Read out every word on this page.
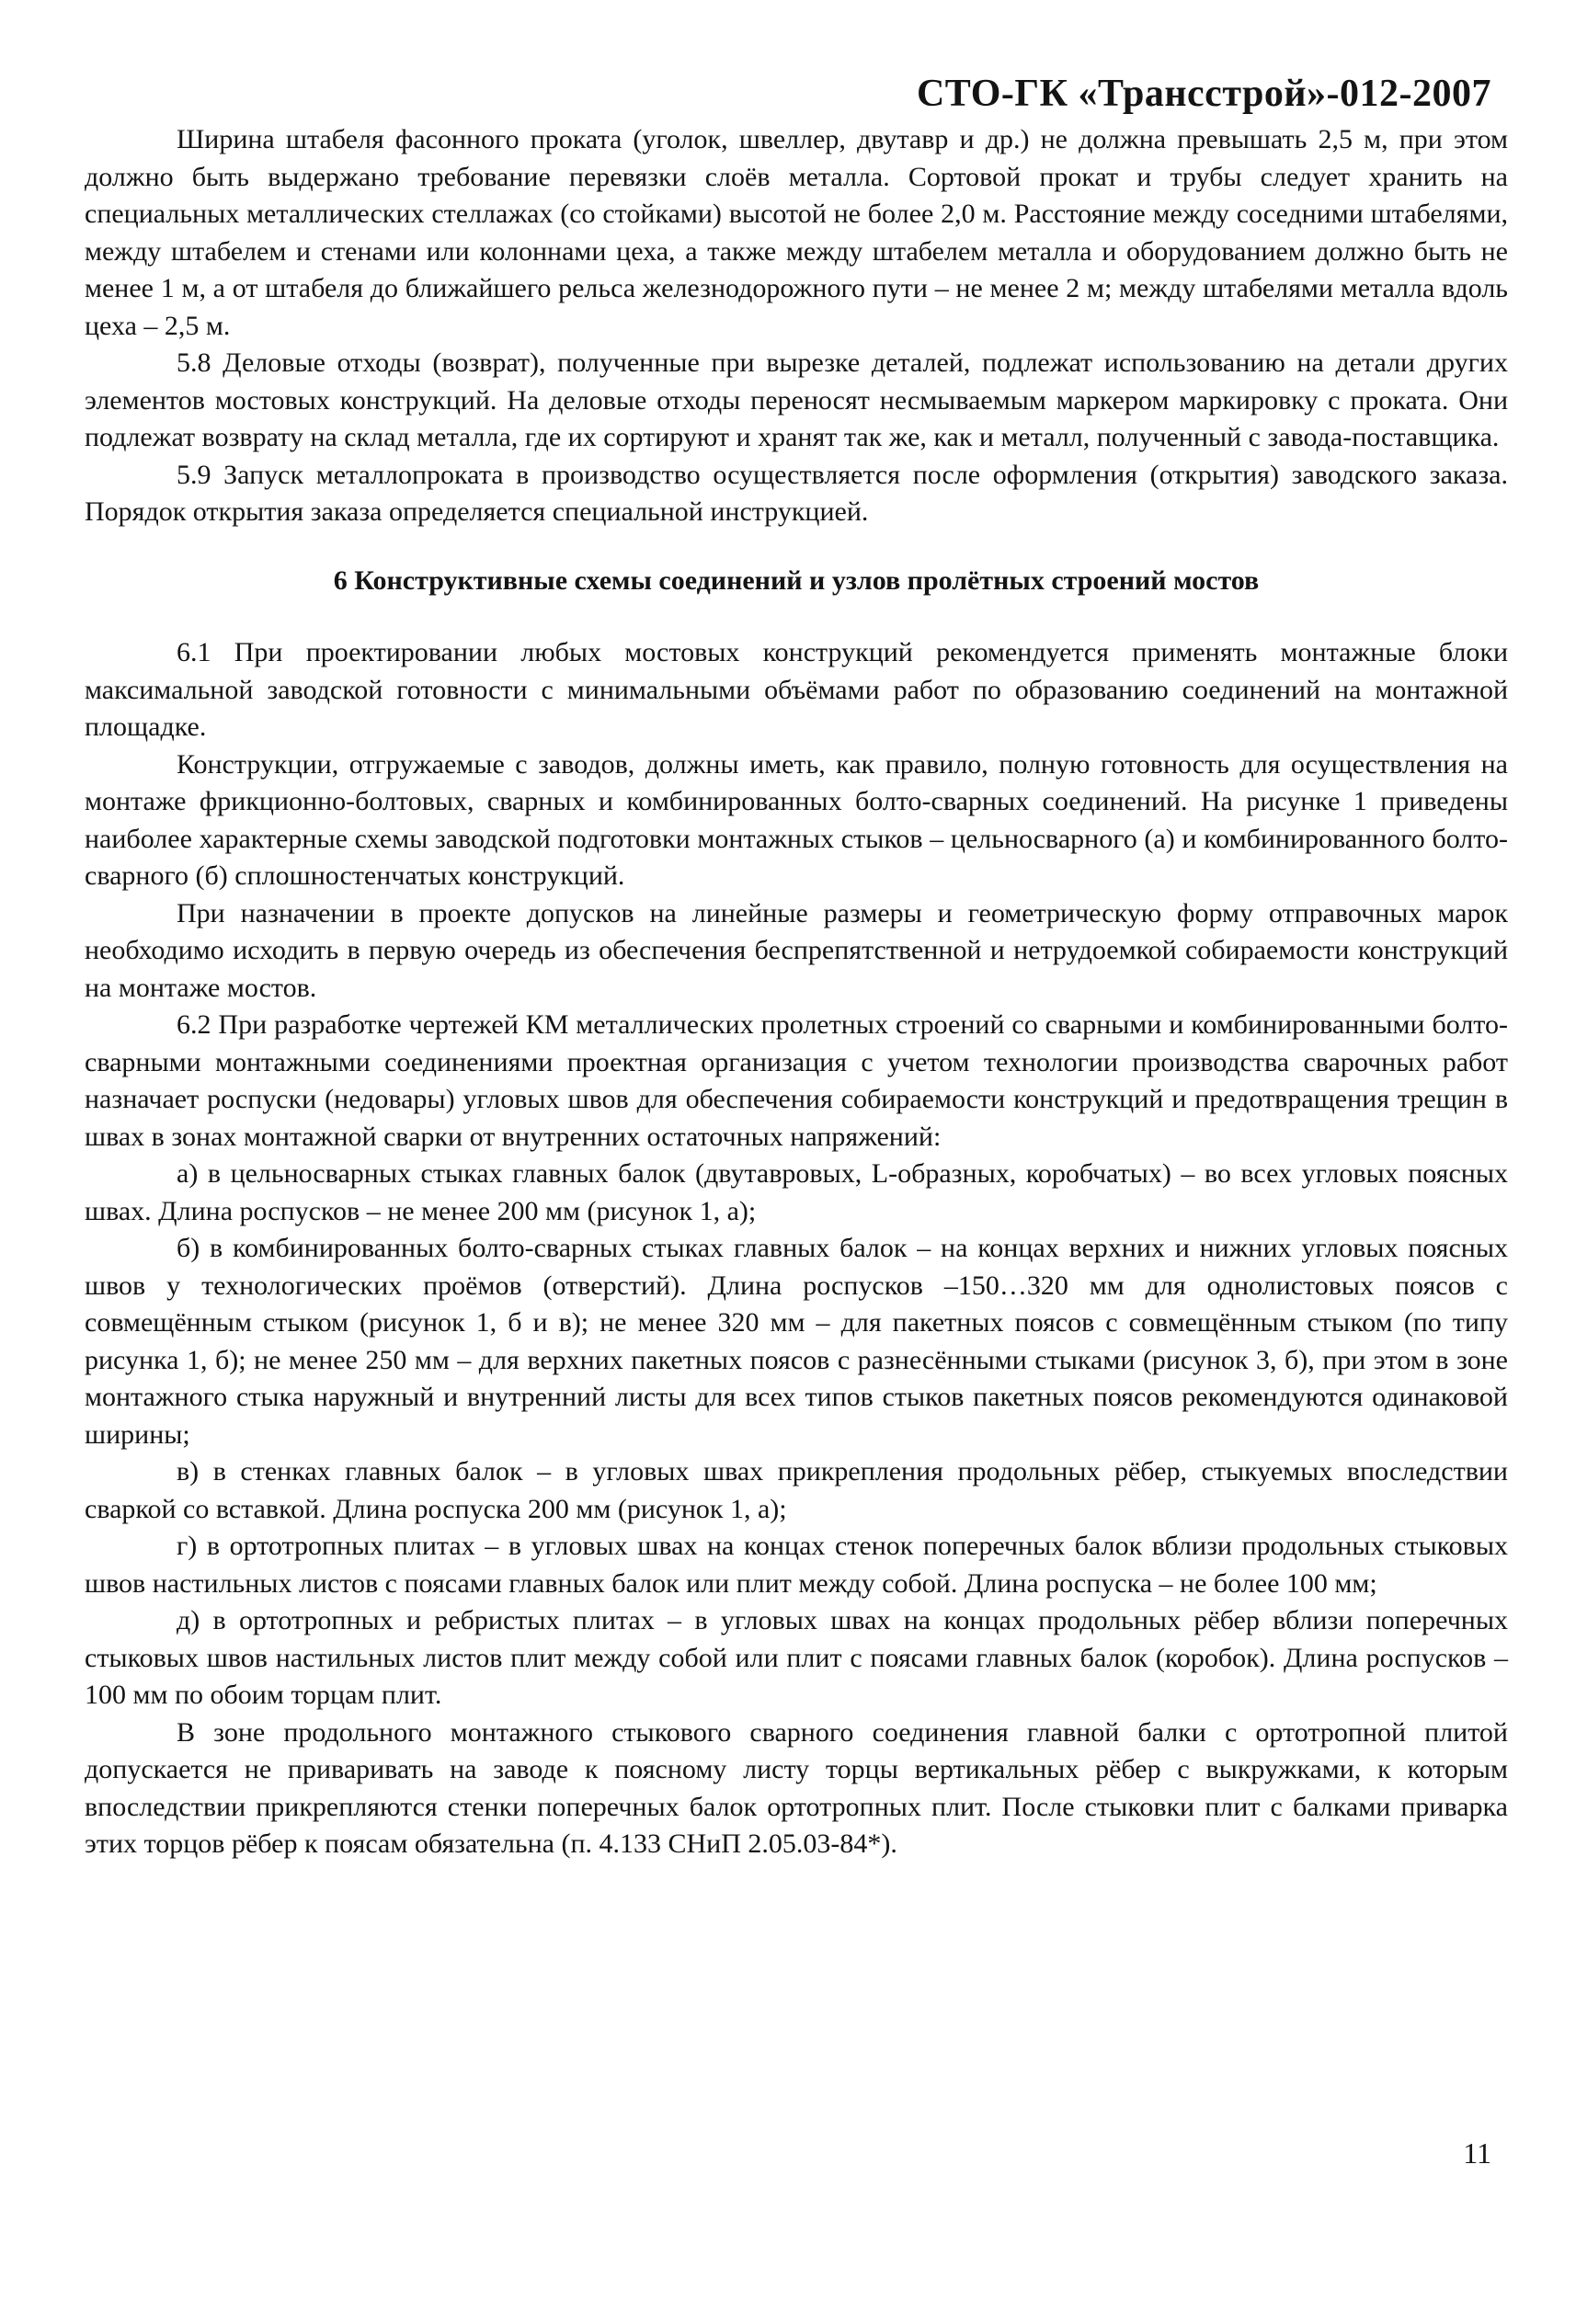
СТО-ГК «Трансстрой»-012-2007

Ширина штабеля фасонного проката (уголок, швеллер, двутавр и др.) не должна превышать 2,5 м, при этом должно быть выдержано требование перевязки слоёв металла. Сортовой прокат и трубы следует хранить на специальных металлических стеллажах (со стойками) высотой не более 2,0 м. Расстояние между соседними штабелями, между штабелем и стенами или колоннами цеха, а также между штабелем металла и оборудованием должно быть не менее 1 м, а от штабеля до ближайшего рельса железнодорожного пути – не менее 2 м; между штабелями металла вдоль цеха – 2,5 м.

5.8 Деловые отходы (возврат), полученные при вырезке деталей, подлежат использованию на детали других элементов мостовых конструкций. На деловые отходы переносят несмываемым маркером маркировку с проката. Они подлежат возврату на склад металла, где их сортируют и хранят так же, как и металл, полученный с завода-поставщика.

5.9 Запуск металлопроката в производство осуществляется после оформления (открытия) заводского заказа. Порядок открытия заказа определяется специальной инструкцией.

6 Конструктивные схемы соединений и узлов пролётных строений мостов

6.1 При проектировании любых мостовых конструкций рекомендуется применять монтажные блоки максимальной заводской готовности с минимальными объёмами работ по образованию соединений на монтажной площадке.

Конструкции, отгружаемые с заводов, должны иметь, как правило, полную готовность для осуществления на монтаже фрикционно-болтовых, сварных и комбинированных болто-сварных соединений. На рисунке 1 приведены наиболее характерные схемы заводской подготовки монтажных стыков – цельносварного (а) и комбинированного болто-сварного (б) сплошностенчатых конструкций.

При назначении в проекте допусков на линейные размеры и геометрическую форму отправочных марок необходимо исходить в первую очередь из обеспечения беспрепятственной и нетрудоемкой собираемости конструкций на монтаже мостов.

6.2 При разработке чертежей КМ металлических пролетных строений со сварными и комбинированными болто-сварными монтажными соединениями проектная организация с учетом технологии производства сварочных работ назначает роспуски (недовары) угловых швов для обеспечения собираемости конструкций и предотвращения трещин в швах в зонах монтажной сварки от внутренних остаточных напряжений:

а) в цельносварных стыках главных балок (двутавровых, L-образных, коробчатых) – во всех угловых поясных швах. Длина роспусков – не менее 200 мм (рисунок 1, а);

б) в комбинированных болто-сварных стыках главных балок – на концах верхних и нижних угловых поясных швов у технологических проёмов (отверстий). Длина роспусков –150…320 мм для однолистовых поясов с совмещённым стыком (рисунок 1, б и в); не менее 320 мм – для пакетных поясов с совмещённым стыком (по типу рисунка 1, б); не менее 250 мм – для верхних пакетных поясов с разнесёнными стыками (рисунок 3, б), при этом в зоне монтажного стыка наружный и внутренний листы для всех типов стыков пакетных поясов рекомендуются одинаковой ширины;

в) в стенках главных балок – в угловых швах прикрепления продольных рёбер, стыкуемых впоследствии сваркой со вставкой. Длина роспуска 200 мм (рисунок 1, а);

г) в ортотропных плитах – в угловых швах на концах стенок поперечных балок вблизи продольных стыковых швов настильных листов с поясами главных балок или плит между собой. Длина роспуска – не более 100 мм;

д) в ортотропных и ребристых плитах – в угловых швах на концах продольных рёбер вблизи поперечных стыковых швов настильных листов плит между собой или плит с поясами главных балок (коробок). Длина роспусков – 100 мм по обоим торцам плит.

В зоне продольного монтажного стыкового сварного соединения главной балки с ортотропной плитой допускается не приваривать на заводе к поясному листу торцы вертикальных рёбер с выкружками, к которым впоследствии прикрепляются стенки поперечных балок ортотропных плит. После стыковки плит с балками приварка этих торцов рёбер к поясам обязательна (п. 4.133 СНиП 2.05.03-84*).

11
